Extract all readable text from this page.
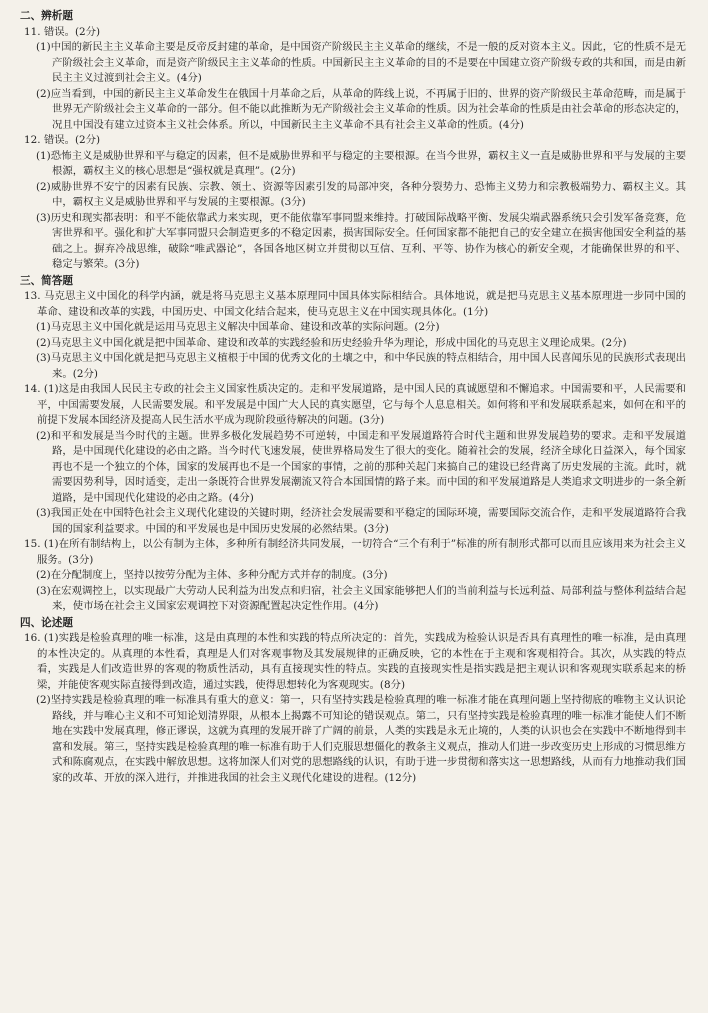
二、辨析题
11. 错误。(2分)
(1)中国的新民主主义革命主要是反帝反封建的革命，是中国资产阶级民主主义革命的继续，不是一般的反对资本主义。因此，它的性质不是无产阶级社会主义革命，而是资产阶级民主主义革命的性质。中国新民主主义革命的目的不是要在中国建立资产阶级专政的共和国，而是由新民主主义过渡到社会主义。(4分)
(2)应当看到，中国的新民主主义革命发生在俄国十月革命之后，从革命的阵线上说，不再属于旧的、世界的资产阶级民主革命范畴，而是属于世界无产阶级社会主义革命的一部分。但不能以此推断为无产阶级社会主义革命的性质。因为社会革命的性质是由社会革命的形态决定的，况且中国没有建立过资本主义社会体系。所以，中国新民主主义革命不具有社会主义革命的性质。(4分)
12. 错误。(2分)
(1)恐怖主义是威胁世界和平与稳定的因素，但不是威胁世界和平与稳定的主要根源。在当今世界，霸权主义一直是威胁世界和平与发展的主要根源，霸权主义的核心思想是“强权就是真理”。(2分)
(2)威胁世界不安宁的因素有民族、宗教、领土、资源等因素引发的局部冲突，各种分裂势力、恐怖主义势力和宗教极端势力、霸权主义。其中，霸权主义是威胁世界和平与发展的主要根源。(3分)
(3)历史和现实都表明：和平不能依靠武力来实现，更不能依靠军事同盟来维持。打破国际战略平衡、发展尖端武器系统只会引发军备竞赛，危害世界和平。强化和扩大军事同盟只会制造更多的不稳定因素，损害国际安全。任何国家都不能把自己的安全建立在损害他国安全利益的基础之上。摒弃冷战思维，破除“唯武器论”，各国各地区树立并贯彻以互信、互利、平等、协作为核心的新安全观，才能确保世界的和平、稳定与繁荣。(3分)
三、简答题
13. 马克思主义中国化的科学内涵，就是将马克思主义基本原理同中国具体实际相结合。具体地说，就是把马克思主义基本原理进一步同中国的革命、建设和改革的实践，中国历史、中国文化结合起来，使马克思主义在中国实现具体化。(1分)
(1)马克思主义中国化就是运用马克思主义解决中国革命、建设和改革的实际问题。(2分)
(2)马克思主义中国化就是把中国革命、建设和改革的实践经验和历史经验升华为理论，形成中国化的马克思主义理论成果。(2分)
(3)马克思主义中国化就是把马克思主义植根于中国的优秀文化的土壤之中，和中华民族的特点相结合，用中国人民喜闻乐见的民族形式表现出来。(2分)
14. (1)这是由我国人民民主专政的社会主义国家性质决定的。走和平发展道路，是中国人民的真诚愿望和不懈追求。中国需要和平，人民需要和平，中国需要发展，人民需要发展。和平发展是中国广大人民的真实愿望，它与每个人息息相关。如何将和平和发展联系起来，如何在和平的前提下发展本国经济及提高人民生活水平成为现阶段亟待解决的问题。(3分)
(2)和平和发展是当今时代的主题。世界多极化发展趋势不可逆转，中国走和平发展道路符合时代主题和世界发展趋势的要求。走和平发展道路，是中国现代化建设的必由之路。当今时代飞速发展，使世界格局发生了很大的变化。随着社会的发展，经济全球化日益深入，每个国家再也不是一个独立的个体，国家的发展再也不是一个国家的事情，之前的那种关起门来搞自己的建设已经背离了历史发展的主流。此时，就需要因势利导，因时适变，走出一条既符合世界发展潮流又符合本国国情的路子来。而中国的和平发展道路是人类追求文明进步的一条全新道路，是中国现代化建设的必由之路。(4分)
(3)我国正处在中国特色社会主义现代化建设的关键时期，经济社会发展需要和平稳定的国际环境，需要国际交流合作，走和平发展道路符合我国的国家利益要求。中国的和平发展也是中国历史发展的必然结果。(3分)
15. (1)在所有制结构上，以公有制为主体，多种所有制经济共同发展，一切符合“三个有利于”标准的所有制形式都可以而且应该用来为社会主义服务。(3分)
(2)在分配制度上，坚持以按劳分配为主体、多种分配方式并存的制度。(3分)
(3)在宏观调控上，以实现最广大劳动人民利益为出发点和归宿，社会主义国家能够把人们的当前利益与长远利益、局部利益与整体利益结合起来，使市场在社会主义国家宏观调控下对资源配置起决定性作用。(4分)
四、论述题
16. (1)实践是检验真理的唯一标准，这是由真理的本性和实践的特点所决定的：首先，实践成为检验认识是否具有真理性的唯一标准，是由真理的本性决定的。从真理的本性看，真理是人们对客观事物及其发展规律的正确反映，它的本性在于主观和客观相符合。其次，从实践的特点看，实践是人们改造世界的客观的物质性活动，具有直接现实性的特点。实践的直接现实性是指实践是把主观认识和客观现实联系起来的桥梁，并能使客观实际直接得到改造，通过实践，使得思想转化为客观现实。(8分)
(2)坚持实践是检验真理的唯一标准具有重大的意义：第一，只有坚持实践是检验真理的唯一标准才能在真理问题上坚持彻底的唯物主义认识论路线，并与唯心主义和不可知论划清界限，从根本上揭露不可知论的错误观点。第二，只有坚持实践是检验真理的唯一标准才能使人们不断地在实践中发展真理，修正谬误，这就为真理的发展开辟了广阔的前景，人类的实践是永无止境的，人类的认识也会在实践中不断地得到丰富和发展。第三，坚持实践是检验真理的唯一标准有助于人们克服思想僵化的教条主义观点，推动人们进一步改变历史上形成的习惯思维方式和陈腐观点，在实践中解放思想。这将加深人们对党的思想路线的认识，有助于进一步贯彻和落实这一思想路线，从而有力地推动我们国家的改革、开放的深入进行，并推进我国的社会主义现代化建设的进程。(12分)
